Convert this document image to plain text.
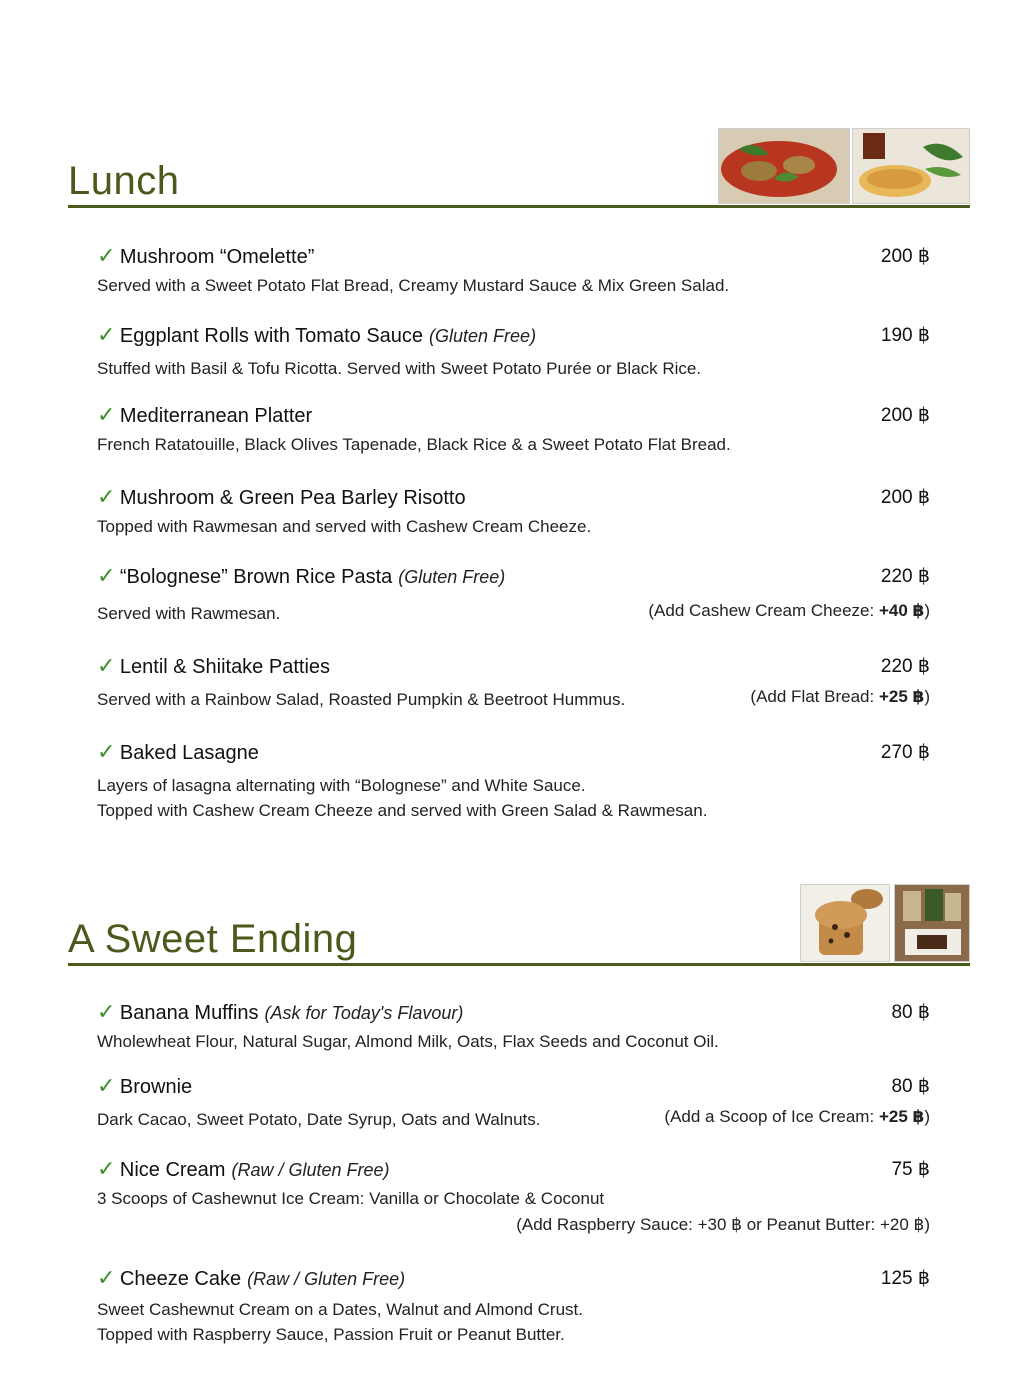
Lunch
✓ Mushroom “Omelette”	200 ฿
Served with a Sweet Potato Flat Bread, Creamy Mustard Sauce & Mix Green Salad.
✓ Eggplant Rolls with Tomato Sauce (Gluten Free)	190 ฿
Stuffed with Basil & Tofu Ricotta. Served with Sweet Potato Purée or Black Rice.
✓ Mediterranean Platter	200 ฿
French Ratatouille, Black Olives Tapenade, Black Rice & a Sweet Potato Flat Bread.
✓ Mushroom & Green Pea Barley Risotto	200 ฿
Topped with Rawmesan and served with Cashew Cream Cheeze.
✓ “Bolognese” Brown Rice Pasta (Gluten Free)	220 ฿
Served with Rawmesan.	(Add Cashew Cream Cheeze: +40 ฿)
✓ Lentil & Shiitake Patties	220 ฿
Served with a Rainbow Salad, Roasted Pumpkin & Beetroot Hummus.	(Add Flat Bread: +25 ฿)
✓ Baked Lasagne	270 ฿
Layers of lasagna alternating with “Bolognese” and White Sauce.
Topped with Cashew Cream Cheeze and served with Green Salad & Rawmesan.
A Sweet Ending
✓ Banana Muffins (Ask for Today's Flavour)	80 ฿
Wholewheat Flour, Natural Sugar, Almond Milk, Oats, Flax Seeds and Coconut Oil.
✓ Brownie	80 ฿
Dark Cacao, Sweet Potato, Date Syrup, Oats and Walnuts.	(Add a Scoop of Ice Cream: +25 ฿)
✓ Nice Cream (Raw / Gluten Free)	75 ฿
3 Scoops of Cashewnut Ice Cream: Vanilla or Chocolate & Coconut
(Add Raspberry Sauce: +30 ฿ or Peanut Butter: +20 ฿)
✓ Cheeze Cake (Raw / Gluten Free)	125 ฿
Sweet Cashewnut Cream on a Dates, Walnut and Almond Crust.
Topped with Raspberry Sauce, Passion Fruit or Peanut Butter.
